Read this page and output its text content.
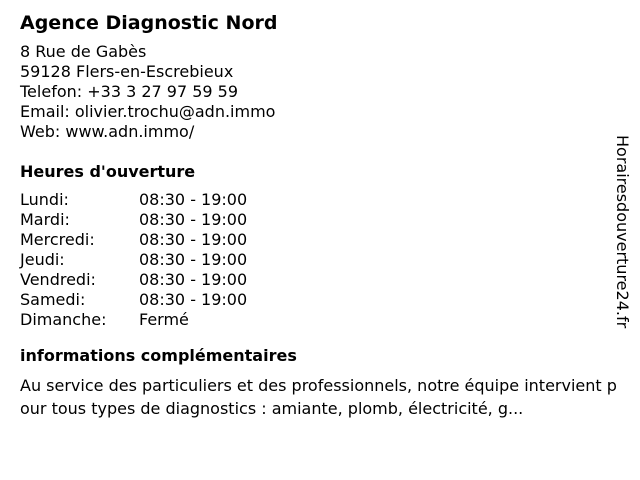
Agence Diagnostic Nord
8 Rue de Gabès
59128 Flers-en-Escrebieux
Telefon: +33 3 27 97 59 59
Email: olivier.trochu@adn.immo
Web: www.adn.immo/
Heures d'ouverture
Lundi:	08:30 - 19:00
Mardi:	08:30 - 19:00
Mercredi:	08:30 - 19:00
Jeudi:	08:30 - 19:00
Vendredi:	08:30 - 19:00
Samedi:	08:30 - 19:00
Dimanche: Fermé
informations complémentaires
Au service des particuliers et des professionnels, notre équipe intervient pour tous types de diagnostics : amiante, plomb, électricité, g...
Horairesdouverture24.fr
